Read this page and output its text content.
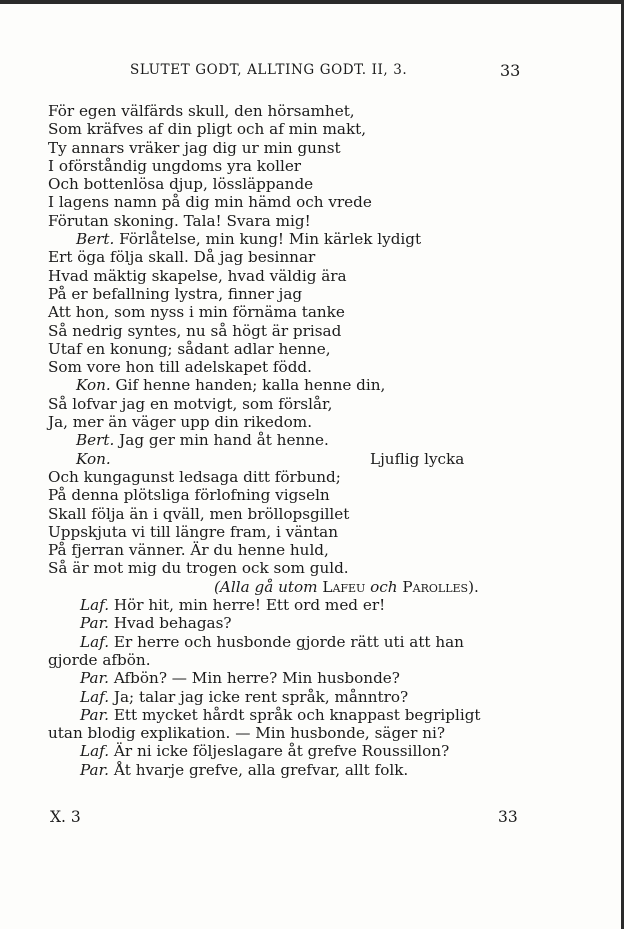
SLUTET GODT, ALLTING GODT. II, 3.	33
För egen välfärds skull, den hörsamhet,
Som kräfves af din pligt och af min makt,
Ty annars vräker jag dig ur min gunst
I oförståndig ungdoms yra koller
Och bottenlösa djup, lössläppande
I lagens namn på dig min hämd och vrede
Förutan skoning. Tala! Svara mig!
Bert. Förlåtelse, min kung! Min kärlek lydigt
Ert öga följa skall. Då jag besinnar
Hvad mäktig skapelse, hvad väldig ära
På er befallning lystra, finner jag
Att hon, som nyss i min förnäma tanke
Så nedrig syntes, nu så högt är prisad
Utaf en konung; sådant adlar henne,
Som vore hon till adelskapet född.
Kon. Gif henne handen; kalla henne din,
Så lofvar jag en motvigt, som förslår,
Ja, mer än väger upp din rikedom.
Bert. Jag ger min hand åt henne.
Kon.	Ljuflig lycka
Och kungagunst ledsaga ditt förbund;
På denna plötsliga förlofning vigseln
Skall följa än i qväll, men bröllopsgillet
Uppskjuta vi till längre fram, i väntan
På fjerran vänner. Är du henne huld,
Så är mot mig du trogen ock som guld.
(Alla gå utom Lafeu och Parolles).
Laf. Hör hit, min herre! Ett ord med er!
Par. Hvad behagas?
Laf. Er herre och husbonde gjorde rätt uti att han
gjorde afbön.
Par. Afbön? — Min herre? Min husbonde?
Laf. Ja; talar jag icke rent språk, månntro?
Par. Ett mycket hårdt språk och knappast begripligt
utan blodig explikation. — Min husbonde, säger ni?
Laf. Är ni icke följeslagare åt grefve Roussillon?
Par. Åt hvarje grefve, alla grefvar, allt folk.
X. 3	33
